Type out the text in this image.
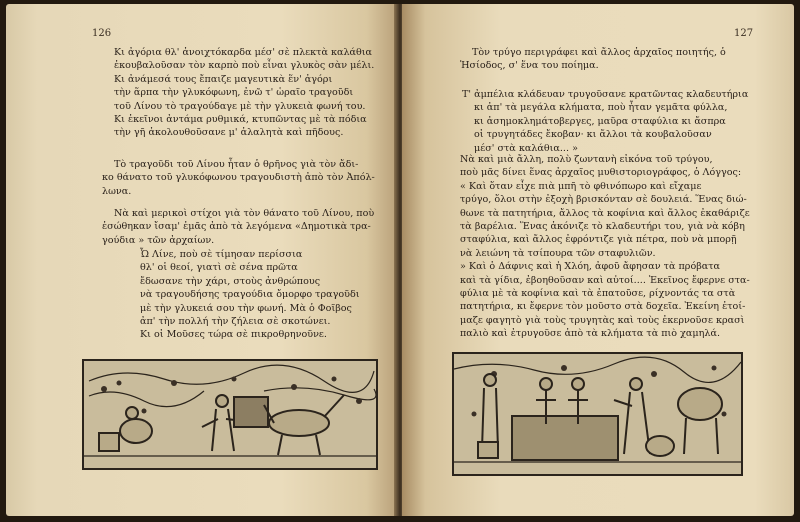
126
Κι ἀγόρια θλ' ἀνοιχτόκαρδα μέσ' σὲ πλεκτὰ καλάθια
ἐκουβαλοῦσαν τὸν καρπὸ ποὺ εἶναι γλυκὸς σὰν μέλι.
Κι ἀνάμεσά τους ἔπαιζε μαγευτικὰ ἕν' ἀγόρι
τὴν ἅρπα τὴν γλυκόφωνη, ἐνῶ τ' ὡραῖο τραγοῦδι
τοῦ Λίνου τὸ τραγούδαγε μὲ τὴν γλυκειὰ φωνή του.
Κι ἐκεῖνοι ἀντάμα ρυθμικά, κτυπῶντας μὲ τὰ πόδια
τὴν γῆ ἀκολουθοῦσανε μ' ἀλαλητὰ καὶ πῆδους.
Τὸ τραγοῦδι τοῦ Λίνου ἦταν ὁ θρῆνος γιὰ τὸν ἄδι-
κο θάνατο τοῦ γλυκόφωνου τραγουδιστὴ ἀπὸ τὸν Ἀπόλ-
λωνα.
Νὰ καὶ μερικοὶ στίχοι γιὰ τὸν θάνατο τοῦ Λίνου, ποὺ
ἐσώθηκαν ἴσαμ' ἐμᾶς ἀπὸ τὰ λεγόμενα «Δημοτικὰ τρα-
γούδια » τῶν ἀρχαίων.
Ὦ Λίνε, ποὺ σὲ τίμησαν περίσσια
θλ' οἱ θεοί, γιατὶ σὲ σένα πρῶτα
ἔδωσανε τὴν χάρι, στοὺς ἀνθρώπους
νὰ τραγουδήσης τραγούδια ὄμορφο τραγοῦδι
μὲ τὴν γλυκειά σου τὴν φωνή. Μὰ ὁ Φοῖβος
ἀπ' τὴν πολλή τὴν ζήλεια σὲ σκοτώνει.
Κι οἱ Μοῦσες τώρα σὲ πικροθρηνοῦνε.
127
Τὸν τρύγο περιγράφει καὶ ἄλλος ἀρχαῖος ποιητής, ὁ
Ἡσίοδος, σ' ἕνα του ποίημα.
Τ' ἀμπέλια κλάδευαν τρυγοῦσανε κρατῶντας κλαδευτήρια
κι ἀπ' τὰ μεγάλα κλήματα, ποὺ ἦταν γεμᾶτα φύλλα,
κι ἀσημοκλημάτοβεργες, μαῦρα σταφύλια κι ἄσπρα
οἱ τρυγητάδες ἔκοβαν· κι ἄλλοι τὰ κουβαλοῦσαν
μέσ' στὰ καλάθια... »
Νὰ καὶ μιὰ ἄλλη, πολὺ ζωντανὴ εἰκόνα τοῦ τρύγου,
ποὺ μᾶς δίνει ἕνας ἀρχαῖος μυθιστοριογράφος, ὁ Λόγγος:
« Καὶ ὅταν εἶχε πιὰ μπῆ τὸ φθινόπωρο καὶ εἴχαμε
τρύγο, ὅλοι στὴν ἐξοχὴ βρισκόνταν σὲ δουλειά. Ἕνας διώ-
θωνε τὰ πατητήρια, ἄλλος τὰ κοφίνια καὶ ἄλλος ἐκαθάριζε
τὰ βαρέλια. Ἕνας ἀκόνιζε τὸ κλαδευτήρι του, γιὰ νὰ κόβη
σταφύλια, καὶ ἄλλος ἐφρόντιζε γιὰ πέτρα, ποὺ νὰ μπορῇ
νὰ λειώνη τὰ τσίπουρα τῶν σταφυλιῶν.
» Καὶ ὁ Δάφνις καὶ ἡ Χλόη, ἀφοῦ ἄφησαν τὰ πρόβατα
καὶ τὰ γίδια, ἐβοηθοῦσαν καὶ αὐτοί.... Ἐκεῖνος ἔφερνε στα-
φύλια μὲ τὰ κοφίνια καὶ τὰ ἐπατοῦσε, ρίχνοντάς τα στὰ
πατητήρια, κι ἔφερνε τὸν μοῦστο στὰ δοχεῖα. Ἐκείνη ἐτοί-
μαζε φαγητὸ γιὰ τοὺς τρυγητὰς καὶ τοὺς ἐκερνοῦσε κρασὶ
παλιὸ καὶ ἐτρυγοῦσε ἀπὸ τὰ κλήματα τὰ πιὸ χαμηλά.
